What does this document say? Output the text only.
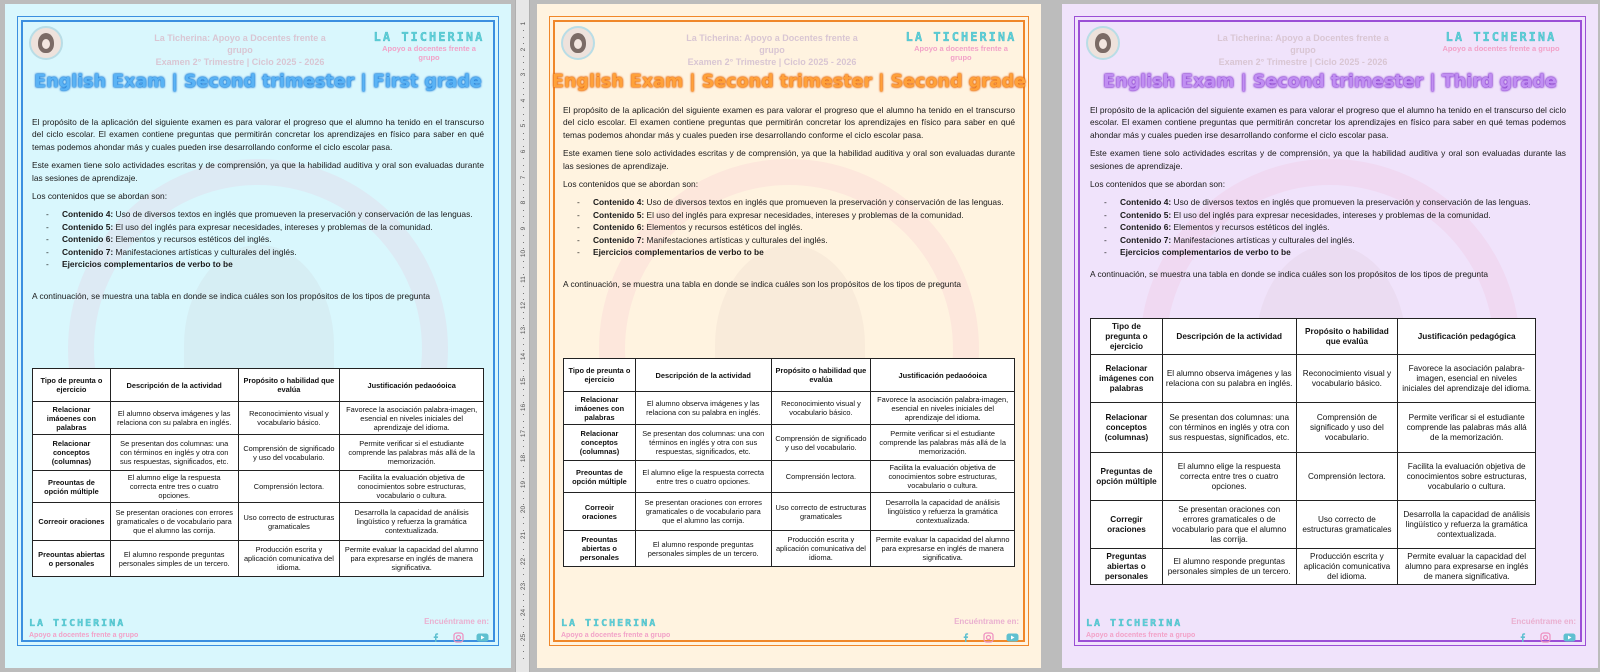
La Ticherina: Apoyo a Docentes frente a grupo
Examen 2° Trimestre | Ciclo 2025 - 2026
LA TICHERINA
Apoyo a docentes frente a grupo
English Exam | Second trimester | First grade

El propósito de la aplicación del siguiente examen es para valorar el progreso que el alumno ha tenido en el transcurso del ciclo escolar. El examen contiene preguntas que permitirán concretar los aprendizajes en físico para saber en qué temas podemos ahondar más y cuales pueden irse desarrollando conforme el ciclo escolar pasa.

Este examen tiene solo actividades escritas y de comprensión, ya que la habilidad auditiva y oral son evaluadas durante las sesiones de aprendizaje.

Los contenidos que se abordan son:

- Contenido 4: Uso de diversos textos en inglés que promueven la preservación y conservación de las lenguas.
- Contenido 5: El uso del inglés para expresar necesidades, intereses y problemas de la comunidad.
- Contenido 6: Elementos y recursos estéticos del inglés.
- Contenido 7: Manifestaciones artísticas y culturales del inglés.
- Ejercicios complementarios de verbo to be

A continuación, se muestra una tabla en donde se indica cuáles son los propósitos de los tipos de pregunta

Tipo de preunta o ejercicio	Descripción de la actividad	Propósito o habilidad que evalúa	Justificación pedaoóoica
Relacionar imáoenes con palabras	El alumno observa imágenes y las relaciona con su palabra en inglés.	Reconocimiento visual y vocabulario básico.	Favorece la asociación palabra-imagen, esencial en niveles iniciales del aprendizaje del idioma.
Relacionar conceptos (columnas)	Se presentan dos columnas: una con términos en inglés y otra con sus respuestas, significados, etc.	Comprensión de significado y uso del vocabulario.	Permite verificar si el estudiante comprende las palabras más allá de la memorización.
Preountas de opción múltiple	El alumno elige la respuesta correcta entre tres o cuatro opciones.	Comprensión lectora.	Facilita la evaluación objetiva de conocimientos sobre estructuras, vocabulario o cultura.
Correoir oraciones	Se presentan oraciones con errores gramaticales o de vocabulario para que el alumno las corrija.	Uso correcto de estructuras gramaticales	Desarrolla la capacidad de análisis lingüístico y refuerza la gramática contextualizada.
Preountas abiertas o personales	El alumno responde preguntas personales simples de un tercero.	Producción escrita y aplicación comunicativa del idioma.	Permite evaluar la capacidad del alumno para expresarse en inglés de manera significativa.
LA TICHERINA
Apoyo a docentes frente a grupo
Encuéntrame en:
1
2
3
4
5
6
7
8
9
10
11
12
13
14
15
16
17
18
19
20
21
22
23
24
25
La Ticherina: Apoyo a Docentes frente a grupo
Examen 2° Trimestre | Ciclo 2025 - 2026
LA TICHERINA
Apoyo a docentes frente a grupo
English Exam | Second trimester | Second grade

El propósito de la aplicación del siguiente examen es para valorar el progreso que el alumno ha tenido en el transcurso del ciclo escolar. El examen contiene preguntas que permitirán concretar los aprendizajes en físico para saber en qué temas podemos ahondar más y cuales pueden irse desarrollando conforme el ciclo escolar pasa.

Este examen tiene solo actividades escritas y de comprensión, ya que la habilidad auditiva y oral son evaluadas durante las sesiones de aprendizaje.

Los contenidos que se abordan son:

- Contenido 4: Uso de diversos textos en inglés que promueven la preservación y conservación de las lenguas.
- Contenido 5: El uso del inglés para expresar necesidades, intereses y problemas de la comunidad.
- Contenido 6: Elementos y recursos estéticos del inglés.
- Contenido 7: Manifestaciones artísticas y culturales del inglés.
- Ejercicios complementarios de verbo to be

A continuación, se muestra una tabla en donde se indica cuáles son los propósitos de los tipos de pregunta

Tipo de preunta o ejercicio	Descripción de la actividad	Propósito o habilidad que evalúa	Justificación pedaoóoica
Relacionar imáoenes con palabras	El alumno observa imágenes y las relaciona con su palabra en inglés.	Reconocimiento visual y vocabulario básico.	Favorece la asociación palabra-imagen, esencial en niveles iniciales del aprendizaje del idioma.
Relacionar conceptos (columnas)	Se presentan dos columnas: una con términos en inglés y otra con sus respuestas, significados, etc.	Comprensión de significado y uso del vocabulario.	Permite verificar si el estudiante comprende las palabras más allá de la memorización.
Preountas de opción múltiple	El alumno elige la respuesta correcta entre tres o cuatro opciones.	Comprensión lectora.	Facilita la evaluación objetiva de conocimientos sobre estructuras, vocabulario o cultura.
Correoir oraciones	Se presentan oraciones con errores gramaticales o de vocabulario para que el alumno las corrija.	Uso correcto de estructuras gramaticales	Desarrolla la capacidad de análisis lingüístico y refuerza la gramática contextualizada.
Preountas abiertas o personales	El alumno responde preguntas personales simples de un tercero.	Producción escrita y aplicación comunicativa del idioma.	Permite evaluar la capacidad del alumno para expresarse en inglés de manera significativa.
LA TICHERINA
Apoyo a docentes frente a grupo
Encuéntrame en:
La Ticherina: Apoyo a Docentes frente a grupo
Examen 2° Trimestre | Ciclo 2025 - 2026
LA TICHERINA
Apoyo a docentes frente a grupo
English Exam | Second trimester | Third grade

El propósito de la aplicación del siguiente examen es para valorar el progreso que el alumno ha tenido en el transcurso del ciclo escolar. El examen contiene preguntas que permitirán concretar los aprendizajes en físico para saber en qué temas podemos ahondar más y cuales pueden irse desarrollando conforme el ciclo escolar pasa.

Este examen tiene solo actividades escritas y de comprensión, ya que la habilidad auditiva y oral son evaluadas durante las sesiones de aprendizaje.

Los contenidos que se abordan son:

- Contenido 4: Uso de diversos textos en inglés que promueven la preservación y conservación de las lenguas.
- Contenido 5: El uso del inglés para expresar necesidades, intereses y problemas de la comunidad.
- Contenido 6: Elementos y recursos estéticos del inglés.
- Contenido 7: Manifestaciones artísticas y culturales del inglés.
- Ejercicios complementarios de verbo to be

A continuación, se muestra una tabla en donde se indica cuáles son los propósitos de los tipos de pregunta

Tipo de pregunta o ejercicio	Descripción de la actividad	Propósito o habilidad que evalúa	Justificación pedagógica
Relacionar imágenes con palabras	El alumno observa imágenes y las relaciona con su palabra en inglés.	Reconocimiento visual y vocabulario básico.	Favorece la asociación palabra-imagen, esencial en niveles iniciales del aprendizaje del idioma.
Relacionar conceptos (columnas)	Se presentan dos columnas: una con términos en inglés y otra con sus respuestas, significados, etc.	Comprensión de significado y uso del vocabulario.	Permite verificar si el estudiante comprende las palabras más allá de la memorización.
Preguntas de opción múltiple	El alumno elige la respuesta correcta entre tres o cuatro opciones.	Comprensión lectora.	Facilita la evaluación objetiva de conocimientos sobre estructuras, vocabulario o cultura.
Corregir oraciones	Se presentan oraciones con errores gramaticales o de vocabulario para que el alumno las corrija.	Uso correcto de estructuras gramaticales	Desarrolla la capacidad de análisis lingüístico y refuerza la gramática contextualizada.
Preguntas abiertas o personales	El alumno responde preguntas personales simples de un tercero.	Producción escrita y aplicación comunicativa del idioma.	Permite evaluar la capacidad del alumno para expresarse en inglés de manera significativa.
LA TICHERINA
Apoyo a docentes frente a grupo
Encuéntrame en:
